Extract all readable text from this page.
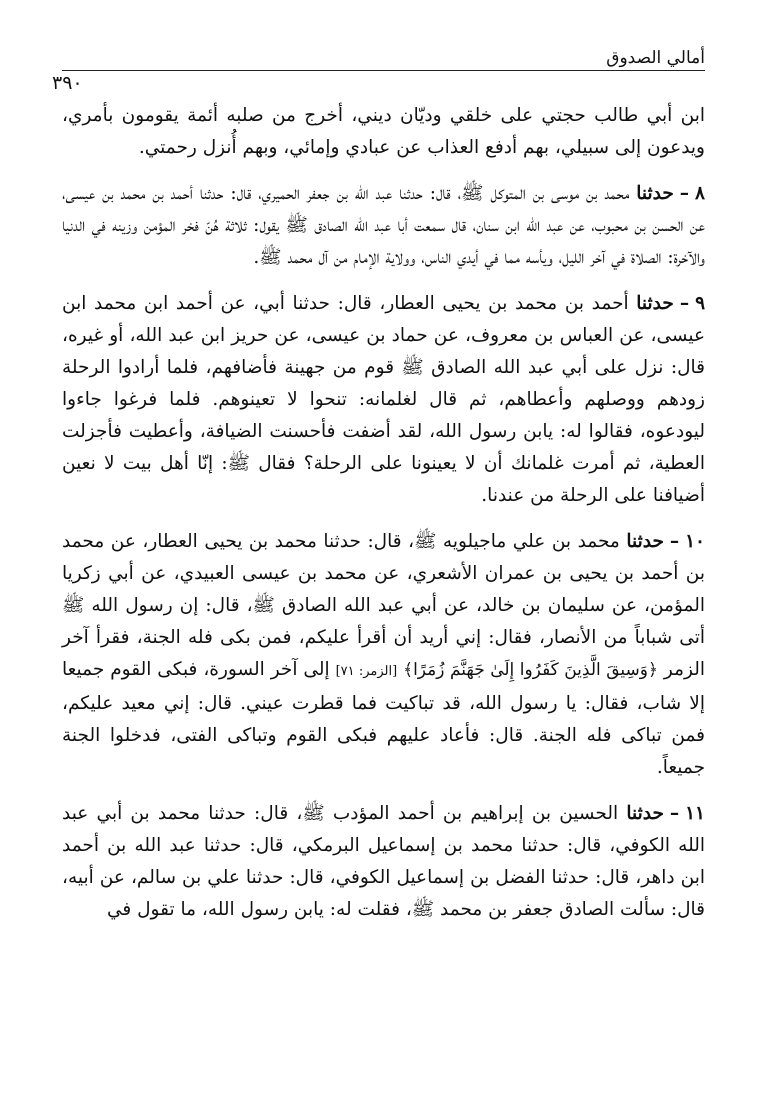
أمالي الصدوق
٣٩٠

ابن أبي طالب حجتي على خلقي وديّان ديني، أخرج من صلبه أئمة يقومون بأمري، ويدعون إلى سبيلي، بهم أدفع العذاب عن عبادي وإمائي، وبهم أُنزل رحمتي.

٨–حدثنا محمد بن موسى بن المتوكل ﷺ، قال: حدثنا عبد الله بن جعفر الحميري، قال: حدثنا أحمد بن محمد بن عيسى، عن الحسن بن محبوب، عن عبد الله ابن سنان، قال سمعت أبا عبد الله الصادق ﷺ يقول: ثلاثة هُنّ فخر المؤمن وزينه في الدنيا والآخرة: الصلاة في آخر الليل، ويأسه مما في أيدي الناس، وولاية الإمام من آل محمد ﷺ.

٩–حدثنا أحمد بن محمد بن يحيى العطار، قال: حدثنا أبي، عن أحمد ابن محمد ابن عيسى، عن العباس بن معروف، عن حماد بن عيسى، عن حريز ابن عبد الله، أو غيره، قال: نزل على أبي عبد الله الصادق ﷺ قوم من جهينة فأضافهم، فلما أرادوا الرحلة زودهم ووصلهم وأعطاهم، ثم قال لغلمانه: تنحوا لا تعينوهم. فلما فرغوا جاءوا ليودعوه، فقالوا له: يابن رسول الله، لقد أضفت فأحسنت الضيافة، وأعطيت فأجزلت العطية، ثم أمرت غلمانك أن لا يعينونا على الرحلة؟ فقال ﷺ: إنّا أهل بيت لا نعين أضيافنا على الرحلة من عندنا.

١٠–حدثنا محمد بن علي ماجيلويه ﷺ، قال: حدثنا محمد بن يحيى العطار، عن محمد بن أحمد بن يحيى بن عمران الأشعري، عن محمد بن عيسى العبيدي، عن أبي زكريا المؤمن، عن سليمان بن خالد، عن أبي عبد الله الصادق ﷺ، قال: إن رسول الله ﷺ أتى شباباً من الأنصار، فقال: إني أريد أن أقرأ عليكم، فمن بكى فله الجنة، فقرأ آخر الزمر ﴿وَسِيقَ الَّذِينَ كَفَرُوا إِلَىٰ جَهَنَّمَ زُمَرًا﴾ [الزمر: ٧١] إلى آخر السورة، فبكى القوم جميعا إلا شاب، فقال: يا رسول الله، قد تباكيت فما قطرت عيني. قال: إني معيد عليكم، فمن تباكى فله الجنة. قال: فأعاد عليهم فبكى القوم وتباكى الفتى، فدخلوا الجنة جميعاً.

١١–حدثنا الحسين بن إبراهيم بن أحمد المؤدب ﷺ، قال: حدثنا محمد بن أبي عبد الله الكوفي، قال: حدثنا محمد بن إسماعيل البرمكي، قال: حدثنا عبد الله بن أحمد ابن داهر، قال: حدثنا الفضل بن إسماعيل الكوفي، قال: حدثنا علي بن سالم، عن أبيه، قال: سألت الصادق جعفر بن محمد ﷺ، فقلت له: يابن رسول الله، ما تقول في
